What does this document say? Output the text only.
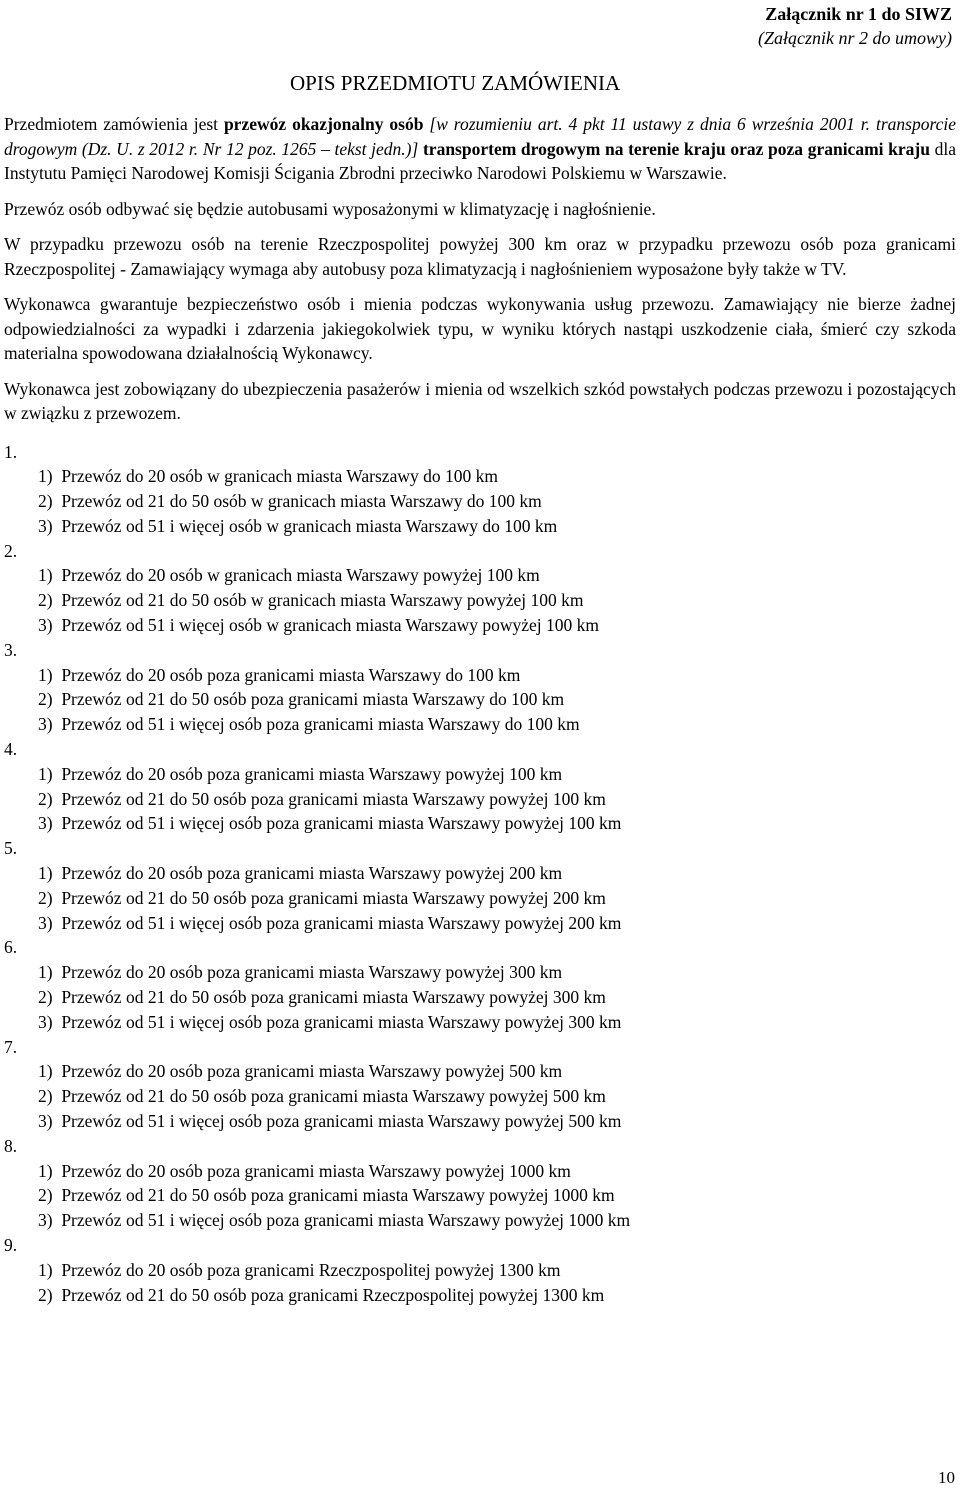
Załącznik nr 1 do SIWZ
(Załącznik nr 2 do umowy)
OPIS PRZEDMIOTU ZAMÓWIENIA

Przedmiotem zamówienia jest przewóz okazjonalny osób [w rozumieniu art. 4 pkt 11 ustawy z dnia 6 września 2001 r. transporcie drogowym (Dz. U. z 2012 r. Nr 12 poz. 1265 – tekst jedn.)] transportem drogowym na terenie kraju oraz poza granicami kraju dla Instytutu Pamięci Narodowej Komisji Ścigania Zbrodni przeciwko Narodowi Polskiemu w Warszawie.

Przewóz osób odbywać się będzie autobusami wyposażonymi w klimatyzację i nagłośnienie.

W przypadku przewozu osób na terenie Rzeczpospolitej powyżej 300 km oraz w przypadku przewozu osób poza granicami Rzeczpospolitej - Zamawiający wymaga aby autobusy poza klimatyzacją i nagłośnieniem wyposażone były także w TV.

Wykonawca gwarantuje bezpieczeństwo osób i mienia podczas wykonywania usług przewozu. Zamawiający nie bierze żadnej odpowiedzialności za wypadki i zdarzenia jakiegokolwiek typu, w wyniku których nastąpi uszkodzenie ciała, śmierć czy szkoda materialna spowodowana działalnością Wykonawcy.

Wykonawca jest zobowiązany do ubezpieczenia pasażerów i mienia od wszelkich szkód powstałych podczas przewozu i pozostających w związku z przewozem.

1.
1)  Przewóz do 20 osób w granicach miasta Warszawy do 100 km
2)  Przewóz od 21 do 50 osób w granicach miasta Warszawy do 100 km
3)  Przewóz od 51 i więcej osób w granicach miasta Warszawy do 100 km
2.
1)  Przewóz do 20 osób w granicach miasta Warszawy powyżej 100 km
2)  Przewóz od 21 do 50 osób w granicach miasta Warszawy powyżej 100 km
3)  Przewóz od 51 i więcej osób w granicach miasta Warszawy powyżej 100 km
3.
1)  Przewóz do 20 osób poza granicami miasta Warszawy do 100 km
2)  Przewóz od 21 do 50 osób poza granicami miasta Warszawy do 100 km
3)  Przewóz od 51 i więcej osób poza granicami miasta Warszawy do 100 km
4.
1)  Przewóz do 20 osób poza granicami miasta Warszawy powyżej 100 km
2)  Przewóz od 21 do 50 osób poza granicami miasta Warszawy powyżej 100 km
3)  Przewóz od 51 i więcej osób poza granicami miasta Warszawy powyżej 100 km
5.
1)  Przewóz do 20 osób poza granicami miasta Warszawy powyżej 200 km
2)  Przewóz od 21 do 50 osób poza granicami miasta Warszawy powyżej 200 km
3)  Przewóz od 51 i więcej osób poza granicami miasta Warszawy powyżej 200 km
6.
1)  Przewóz do 20 osób poza granicami miasta Warszawy powyżej 300 km
2)  Przewóz od 21 do 50 osób poza granicami miasta Warszawy powyżej 300 km
3)  Przewóz od 51 i więcej osób poza granicami miasta Warszawy powyżej 300 km
7.
1)  Przewóz do 20 osób poza granicami miasta Warszawy powyżej 500 km
2)  Przewóz od 21 do 50 osób poza granicami miasta Warszawy powyżej 500 km
3)  Przewóz od 51 i więcej osób poza granicami miasta Warszawy powyżej 500 km
8.
1)  Przewóz do 20 osób poza granicami miasta Warszawy powyżej 1000 km
2)  Przewóz od 21 do 50 osób poza granicami miasta Warszawy powyżej 1000 km
3)  Przewóz od 51 i więcej osób poza granicami miasta Warszawy powyżej 1000 km
9.
1)  Przewóz do 20 osób poza granicami Rzeczpospolitej powyżej 1300 km
2)  Przewóz od 21 do 50 osób poza granicami Rzeczpospolitej powyżej 1300 km
10
